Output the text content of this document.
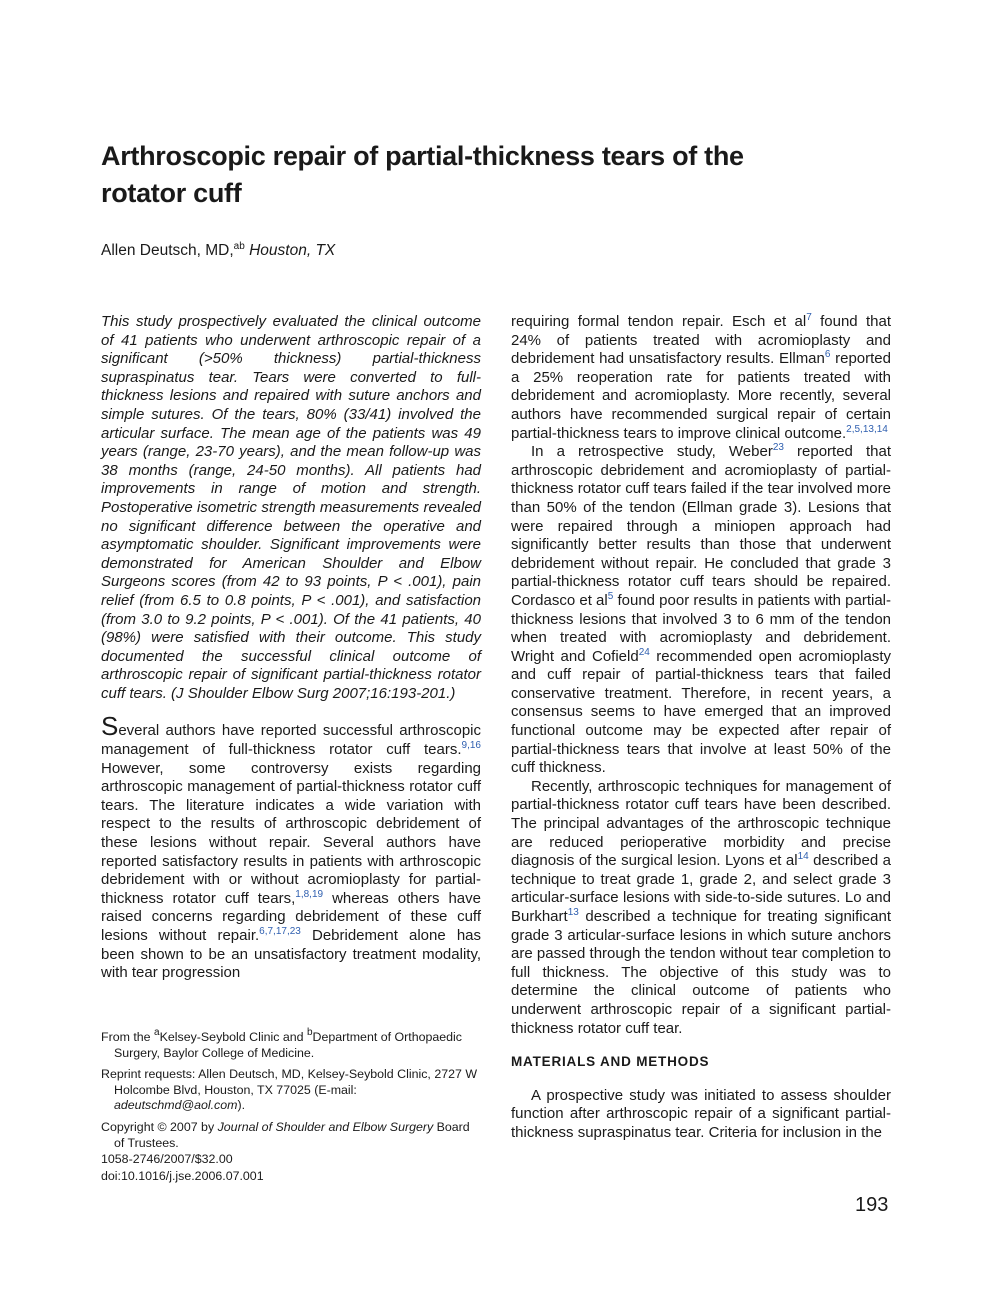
Arthroscopic repair of partial-thickness tears of the rotator cuff
Allen Deutsch, MD,$^{ab}$ Houston, TX

This study prospectively evaluated the clinical outcome of 41 patients who underwent arthroscopic repair of a significant (>50% thickness) partial-thickness supraspinatus tear. Tears were converted to full-thickness lesions and repaired with suture anchors and simple sutures. Of the tears, 80% (33/41) involved the articular surface. The mean age of the patients was 49 years (range, 23-70 years), and the mean follow-up was 38 months (range, 24-50 months). All patients had improvements in range of motion and strength. Postoperative isometric strength measurements revealed no significant difference between the operative and asymptomatic shoulder. Significant improvements were demonstrated for American Shoulder and Elbow Surgeons scores (from 42 to 93 points, P < .001), pain relief (from 6.5 to 0.8 points, P < .001), and satisfaction (from 3.0 to 9.2 points, P < .001). Of the 41 patients, 40 (98%) were satisfied with their outcome. This study documented the successful clinical outcome of arthroscopic repair of significant partial-thickness rotator cuff tears. (J Shoulder Elbow Surg 2007;16:193-201.)

Several authors have reported successful arthroscopic management of full-thickness rotator cuff tears.$^{9,16}$ However, some controversy exists regarding arthroscopic management of partial-thickness rotator cuff tears. The literature indicates a wide variation with respect to the results of arthroscopic debridement of these lesions without repair. Several authors have reported satisfactory results in patients with arthroscopic debridement with or without acromioplasty for partial-thickness rotator cuff tears,$^{1,8,19}$ whereas others have raised concerns regarding debridement of these cuff lesions without repair.$^{6,7,17,23}$ Debridement alone has been shown to be an unsatisfactory treatment modality, with tear progression

From the $^a$Kelsey-Seybold Clinic and $^b$Department of Orthopaedic Surgery, Baylor College of Medicine.

Reprint requests: Allen Deutsch, MD, Kelsey-Seybold Clinic, 2727 W Holcombe Blvd, Houston, TX 77025 (E-mail: adeutschmd@aol.com).

Copyright © 2007 by Journal of Shoulder and Elbow Surgery Board of Trustees.

1058-2746/2007/$32.00

doi:10.1016/j.jse.2006.07.001

requiring formal tendon repair. Esch et $al^7$ found that 24% of patients treated with acromioplasty and debridement had unsatisfactory results. Ellman$^6$ reported a 25% reoperation rate for patients treated with debridement and acromioplasty. More recently, several authors have recommended surgical repair of certain partial-thickness tears to improve clinical outcome.$^{2,5,13,14}$

In a retrospective study, Weber$^{23}$ reported that arthroscopic debridement and acromioplasty of partial-thickness rotator cuff tears failed if the tear involved more than 50% of the tendon (Ellman grade 3). Lesions that were repaired through a miniopen approach had significantly better results than those that underwent debridement without repair. He concluded that grade 3 partial-thickness rotator cuff tears should be repaired. Cordasco et $al^5$ found poor results in patients with partial-thickness lesions that involved 3 to 6 mm of the tendon when treated with acromioplasty and debridement. Wright and Cofield$^{24}$ recommended open acromioplasty and cuff repair of partial-thickness tears that failed conservative treatment. Therefore, in recent years, a consensus seems to have emerged that an improved functional outcome may be expected after repair of partial-thickness tears that involve at least 50% of the cuff thickness.

Recently, arthroscopic techniques for management of partial-thickness rotator cuff tears have been described. The principal advantages of the arthroscopic technique are reduced perioperative morbidity and precise diagnosis of the surgical lesion. Lyons et $al^{14}$ described a technique to treat grade 1, grade 2, and select grade 3 articular-surface lesions with side-to-side sutures. Lo and Burkhart$^{13}$ described a technique for treating significant grade 3 articular-surface lesions in which suture anchors are passed through the tendon without tear completion to full thickness. The objective of this study was to determine the clinical outcome of patients who underwent arthroscopic repair of a significant partial-thickness rotator cuff tear.

MATERIALS AND METHODS

A prospective study was initiated to assess shoulder function after arthroscopic repair of a significant partial-thickness supraspinatus tear. Criteria for inclusion in the

193
